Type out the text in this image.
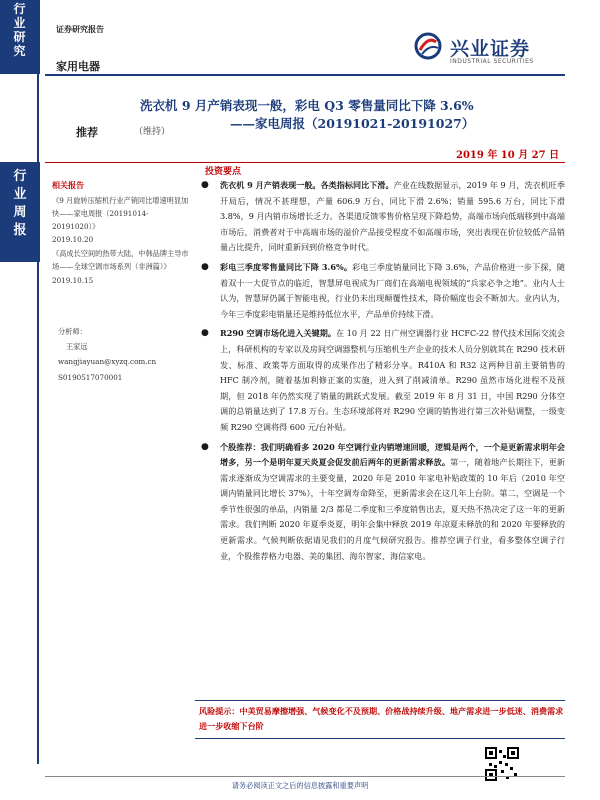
行
业
研
究
行
业
周
报
证券研究报告
家用电器
兴业证券
INDUSTRIAL SECURITIES
洗衣机 9 月产销表现一般，彩电 Q3 零售量同比下降 3.6%
——家电周报（20191021-20191027）
推荐	（维持）
2019 年 10 月 27 日
投资要点
相关报告
《9 月旋转压缩机行业产销同比增速明显加快——家电周报（20191014-20191020）》
2019.10.20
《高成长空间的热带大陆，中韩品牌主导市场——全球空调市场系列（非洲篇）》
2019.10.15
分析师：
王家远
wangjiayuan@xyzq.com.cn
S0190517070001
● 洗衣机 9 月产销表现一般。各类指标同比下滑。产业在线数据显示，2019 年 9 月，洗衣机旺季开局后，情况不甚理想，产量 606.9 万台，同比下滑 2.6%；销量 595.6 万台，同比下滑 3.8%，9 月内销市场增长乏力。各渠道反馈零售价格呈现下降趋势，高端市场向低端移到中高端市场后，消费者对于中高端市场的溢价产品接受程度不如高端市场，突出表现在价位较低产品销量占比提升，同时重新回到价格竞争时代。
● 彩电三季度零售量同比下降 3.6%。彩电三季度销量同比下降 3.6%，产品价格进一步下探，随着双十一大促节点的临近，智慧屏电视成为厂商们在高端电视领域的“兵家必争之地”。业内人士认为，智慧屏仍属于智能电视，行业仍未出现颠覆性技术，降价幅度也会不断加大。业内认为，今年三季度彩电销量还是维持低位水平，产品单价持续下滑。
● R290 空调市场化进入关键期。在 10 月 22 日广州空调器行业 HCFC-22 替代技术国际交流会上，科研机构的专家以及房间空调器整机与压缩机生产企业的技术人员分别就其在 R290 技术研发、标准、政策等方面取得的成果作出了精彩分享。R410A 和 R32 这两种目前主要销售的 HFC 制冷剂，随着基加利修正案的实施，进入到了削减清单。R290 虽然市场化进程不及预期，但 2018 年仍然实现了销量的跳跃式发展。截至 2019 年 8 月 31 日，中国 R290 分体空调的总销量达到了 17.8 万台。生态环境部将对 R290 空调的销售进行第三次补贴调整，一级变频 R290 空调将得 600 元/台补贴。
● 个股推荐：我们明确看多 2020 年空调行业内销增速回暖，逻辑是两个，一个是更新需求明年会增多，另一个是明年夏天炎夏会促发前后两年的更新需求释放。第一，随着地产长期往下，更新需求逐渐成为空调需求的主要变量，2020 年是 2010 年家电补贴政策的 10 年后（2010 年空调内销量同比增长 37%），十年空调寿命降至，更新需求会在这几年上台阶。第二，空调是一个季节性很强的单品，内销量 2/3 都是二季度和三季度销售出去，夏天热不热决定了这一年的更新需求。我们判断 2020 年夏季炎夏，明年会集中释放 2019 年凉夏未释放的和 2020 年要释放的更新需求。气候判断依据请见我们的月度气候研究报告。推荐空调子行业，看多整体空调子行业，个股推荐格力电器、美的集团、海尔智家、海信家电。
风险提示：中美贸易摩擦增强、气候变化不及预期、价格战持续升级、地产需求进一步低迷、消费需求进一步收缩下台阶
请务必阅读正文之后的信息披露和重要声明
